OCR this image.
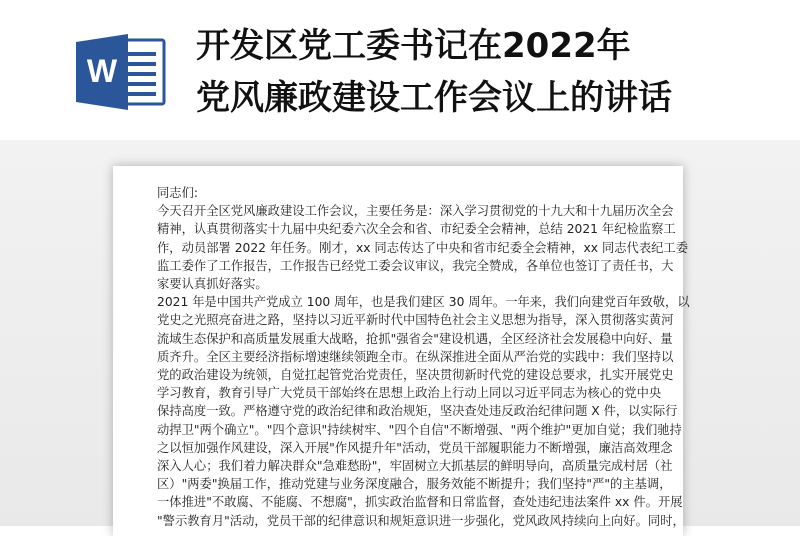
W
开发区党工委书记在2022年
党风廉政建设工作会议上的讲话
同志们:
今天召开全区党风廉政建设工作会议，主要任务是：深入学习贯彻党的十九大和十九届历次全会
精神，认真贯彻落实十九届中央纪委六次全会和省、市纪委全会精神，总结 2021 年纪检监察工
作，动员部署 2022 年任务。刚才，xx 同志传达了中央和省市纪委全会精神，xx 同志代表纪工委
监工委作了工作报告，工作报告已经党工委会议审议，我完全赞成，各单位也签订了责任书，大
家要认真抓好落实。
2021 年是中国共产党成立 100 周年，也是我们建区 30 周年。一年来，我们向建党百年致敬，以
党史之光照亮奋进之路，坚持以习近平新时代中国特色社会主义思想为指导，深入贯彻落实黄河
流域生态保护和高质量发展重大战略，抢抓"强省会"建设机遇，全区经济社会发展稳中向好、量
质齐升。全区主要经济指标增速继续领跑全市。在纵深推进全面从严治党的实践中：我们坚持以
党的政治建设为统领，自觉扛起管党治党责任，坚决贯彻新时代党的建设总要求，扎实开展党史
学习教育，教育引导广大党员干部始终在思想上政治上行动上同以习近平同志为核心的党中央
保持高度一致。严格遵守党的政治纪律和政治规矩，坚决查处违反政治纪律问题 X 件，以实际行
动捍卫"两个确立"。"四个意识"持续树牢、"四个自信"不断增强、"两个维护"更加自觉；我们驰持
之以恒加强作风建设，深入开展"作风提升年"活动，党员干部履职能力不断增强，廉洁高效理念
深入人心；我们着力解决群众"急难愁盼"，牢固树立大抓基层的鲜明导向，高质量完成村居（社
区）"两委"换届工作，推动党建与业务深度融合，服务效能不断提升；我们坚持"严"的主基调，
一体推进"不敢腐、不能腐、不想腐"，抓实政治监督和日常监督，查处违纪违法案件 xx 件。开展
"警示教育月"活动，党员干部的纪律意识和规矩意识进一步强化，党风政风持续向上向好。同时，
